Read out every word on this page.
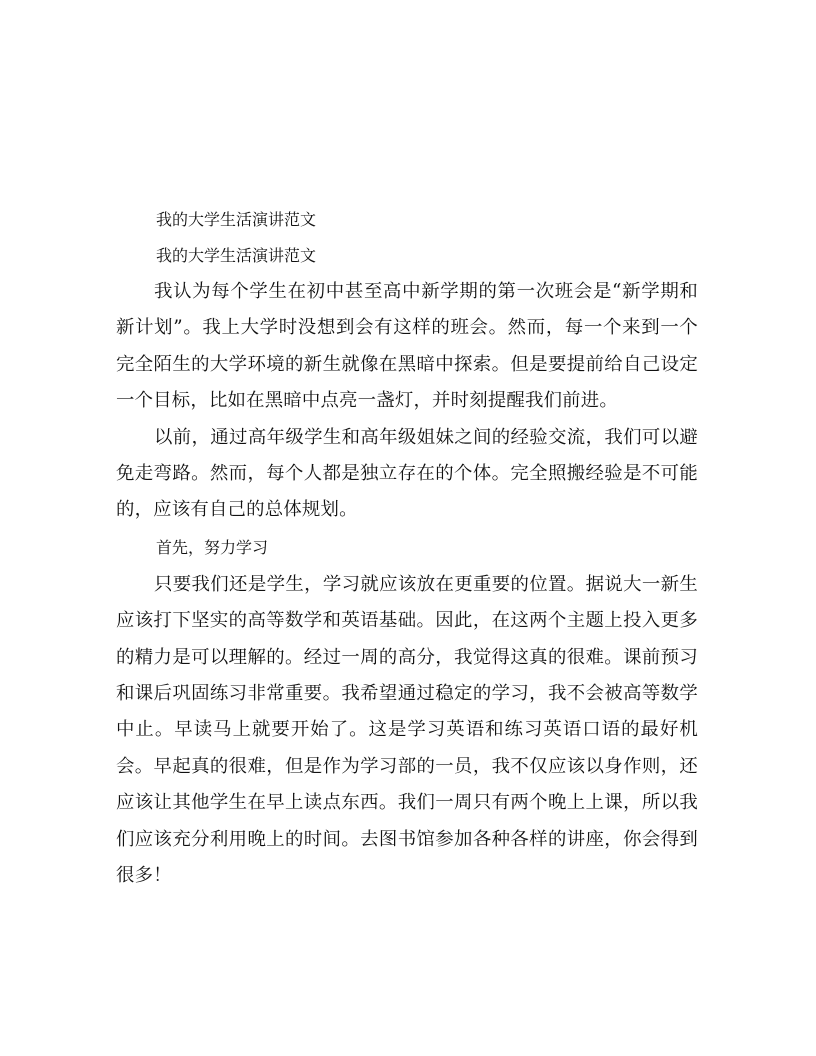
我的大学生活演讲范文
我的大学生活演讲范文

我认为每个学生在初中甚至高中新学期的第一次班会是“新学期和新计划”。我上大学时没想到会有这样的班会。然而，每一个来到一个完全陌生的大学环境的新生就像在黑暗中探索。但是要提前给自己设定一个目标，比如在黑暗中点亮一盏灯，并时刻提醒我们前进。

以前，通过高年级学生和高年级姐妹之间的经验交流，我们可以避免走弯路。然而，每个人都是独立存在的个体。完全照搬经验是不可能的，应该有自己的总体规划。

首先，努力学习

只要我们还是学生，学习就应该放在更重要的位置。据说大一新生应该打下坚实的高等数学和英语基础。因此，在这两个主题上投入更多的精力是可以理解的。经过一周的高分，我觉得这真的很难。课前预习和课后巩固练习非常重要。我希望通过稳定的学习，我不会被高等数学中止。早读马上就要开始了。这是学习英语和练习英语口语的最好机会。早起真的很难，但是作为学习部的一员，我不仅应该以身作则，还应该让其他学生在早上读点东西。我们一周只有两个晚上上课，所以我们应该充分利用晚上的时间。去图书馆参加各种各样的讲座，你会得到很多！
